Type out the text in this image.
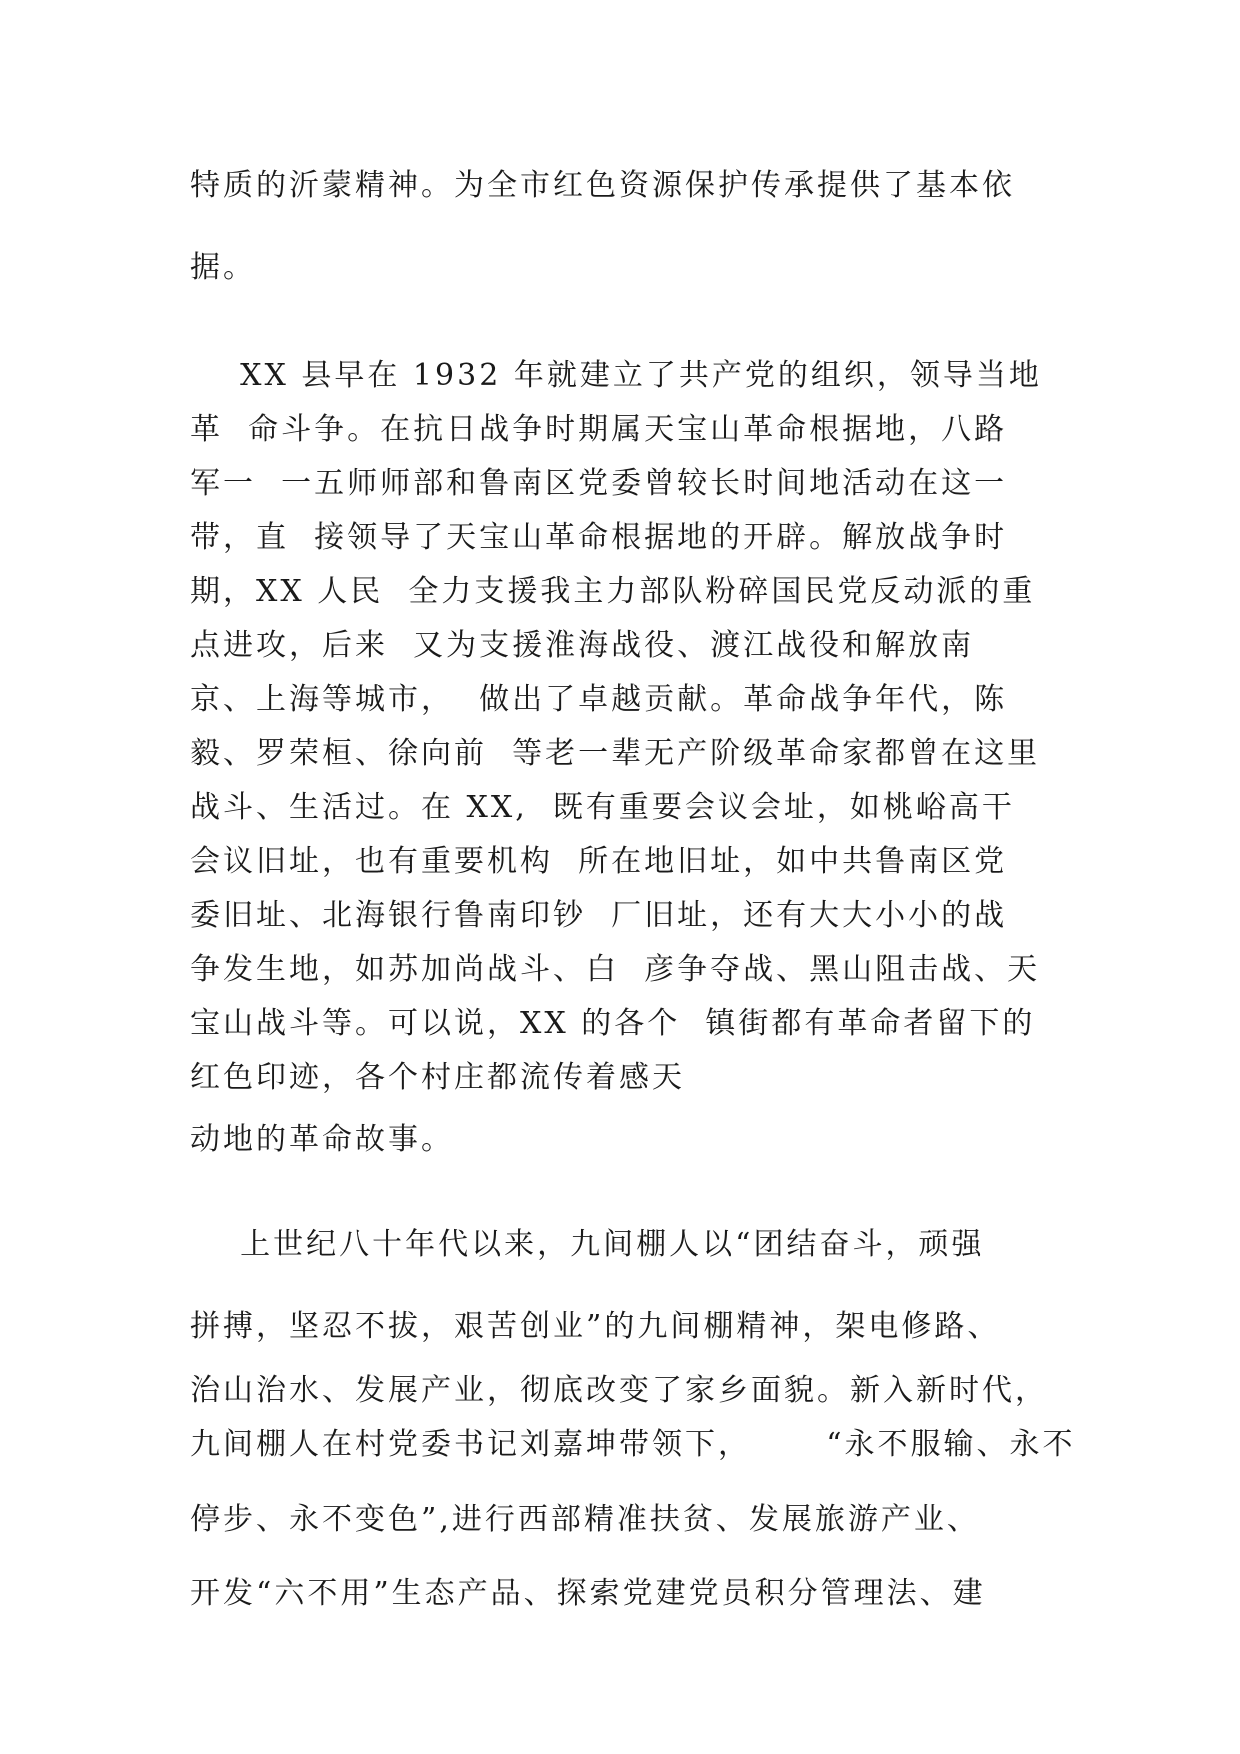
特质的沂蒙精神。为全市红色资源保护传承提供了基本依
据。
XX 县早在 1932 年就建立了共产党的组织，领导当地
革  命斗争。在抗日战争时期属天宝山革命根据地，八路
军一  一五师师部和鲁南区党委曾较长时间地活动在这一
带，直  接领导了天宝山革命根据地的开辟。解放战争时
期，XX 人民  全力支援我主力部队粉碎国民党反动派的重
点进攻，后来  又为支援淮海战役、渡江战役和解放南
京、上海等城市，  做出了卓越贡献。革命战争年代，陈
毅、罗荣桓、徐向前  等老一辈无产阶级革命家都曾在这里
战斗、生活过。在 XX,  既有重要会议会址，如桃峪高干
会议旧址，也有重要机构  所在地旧址，如中共鲁南区党
委旧址、北海银行鲁南印钞  厂旧址，还有大大小小的战
争发生地，如苏加尚战斗、白  彦争夺战、黑山阻击战、天
宝山战斗等。可以说，XX 的各个  镇街都有革命者留下的
红色印迹，各个村庄都流传着感天
动地的革命故事。
上世纪八十年代以来，九间棚人以“团结奋斗，顽强
拼搏，坚忍不拔，艰苦创业”的九间棚精神，架电修路、
治山治水、发展产业，彻底改变了家乡面貌。新入新时代，
九间棚人在村党委书记刘嘉坤带领下，      “永不服输、永不
停步、永不变色”,进行西部精准扶贫、发展旅游产业、
开发“六不用”生态产品、探索党建党员积分管理法、建
